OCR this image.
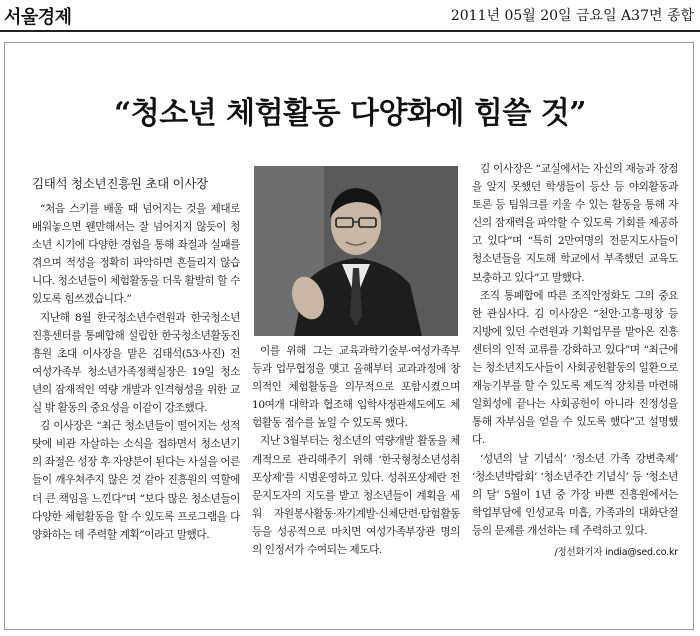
서울경제	2011년 05월 20일 금요일 A37면 종합
“청소년 체험활동 다양화에 힘쓸 것”
김태석 청소년진흥원 초대 이사장

“처음 스키를 배울 때 넘어지는 것을 제대로 배워놓으면 웬만해서는 잘 넘어지지 않듯이 청소년 시기에 다양한 경험을 통해 좌절과 실패를 겪으며 적성을 정확히 파악하면 흔들리지 않습니다. 청소년들이 체험활동을 더욱 활발히 할 수 있도록 힘쓰겠습니다.”

지난해 8월 한국청소년수련원과 한국청소년진흥센터를 통폐합해 설립한 한국청소년활동진흥원 초대 이사장을 맡은 김태석(53·사진) 전 여성가족부 청소년가족정책실장은 19일 청소년의 잠재적인 역량 개발과 인격형성을 위한 교실 밖 활동의 중요성을 이같이 강조했다.

김 이사장은 “최근 청소년들이 떨어지는 성적 탓에 비관 자살하는 소식을 접하면서 청소년기의 좌절은 성장 후 자양분이 된다는 사실을 어른들이 깨우쳐주지 않은 것 같아 진흥원의 역할에 더 큰 책임을 느낀다”며 “보다 많은 청소년들이 다양한 체험활동을 할 수 있도록 프로그램을 다양화하는 데 주력할 계획”이라고 말했다.

이를 위해 그는 교육과학기술부·여성가족부 등과 업무협정을 맺고 올해부터 교과과정에 창의적인 체험활동을 의무적으로 포함시켰으며 10여개 대학과 협조해 입학사정관제도에도 체험활동 점수를 높일 수 있도록 했다.

지난 3월부터는 청소년의 역량개발 활동을 체계적으로 관리해주기 위해 ‘한국형청소년성취포상제’를 시범운영하고 있다. 성취포상제란 전문지도자의 지도를 받고 청소년들이 계획을 세워 자원봉사활동·자기계발·신체단련·탐험활동 등을 성공적으로 마치면 여성가족부장관 명의의 인정서가 수여되는 제도다.

김 이사장은 “교실에서는 자신의 재능과 장점을 알지 못했던 학생들이 등산 등 야외활동과 토론 등 팀워크를 키울 수 있는 활동을 통해 자신의 잠재력을 파악할 수 있도록 기회를 제공하고 있다”며 “특히 2만여명의 전문지도사들이 청소년들을 지도해 학교에서 부족했던 교육도 보충하고 있다”고 말했다.

조직 통폐합에 따른 조직안정화도 그의 중요한 관심사다. 김 이사장은 “천안·고흥·평창 등 지방에 있던 수련원과 기획업무를 맡아온 진흥센터의 인적 교류를 강화하고 있다”며 “최근에는 청소년지도사들이 사회공헌활동의 일환으로 재능기부를 할 수 있도록 제도적 장치를 마련해 일회성에 끝나는 사회공헌이 아니라 진정성을 통해 자부심을 얻을 수 있도록 했다”고 설명했다.

‘성년의 날 기념식’ ‘청소년 가족 강변축제’ ‘청소년박람회’ ‘청소년주간 기념식’ 등 ‘청소년의 달’ 5월이 1년 중 가장 바쁜 진흥원에서는 학업부담에 인성교육 미흡, 가족과의 대화단절 등의 문제를 개선하는 데 주력하고 있다.

/정선화기자 india@sed.co.kr
